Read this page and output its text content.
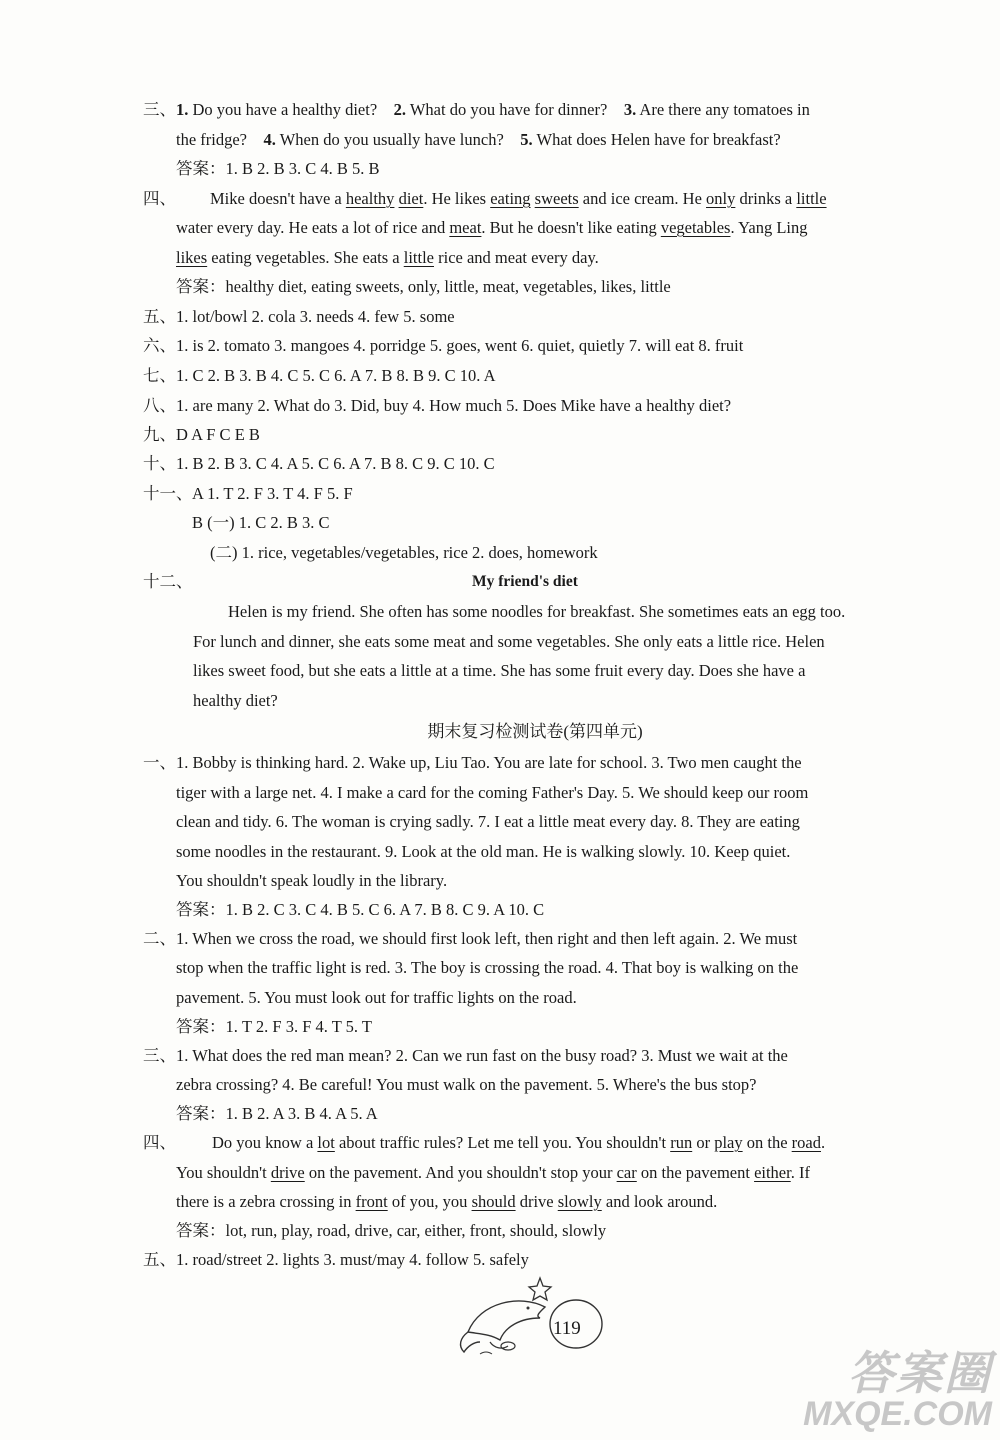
三、 1. Do you have a healthy diet? 2. What do you have for dinner? 3. Are there any tomatoes in
the fridge? 4. When do you usually have lunch? 5. What does Helen have for breakfast?
答案：1. B 2. B 3. C 4. B 5. B
四、 Mike doesn't have a healthy diet. He likes eating sweets and ice cream. He only drinks a little
water every day. He eats a lot of rice and meat. But he doesn't like eating vegetables. Yang Ling
likes eating vegetables. She eats a little rice and meat every day.
答案：healthy diet, eating sweets, only, little, meat, vegetables, likes, little
五、 1. lot/bowl 2. cola 3. needs 4. few 5. some
六、 1. is 2. tomato 3. mangoes 4. porridge 5. goes, went 6. quiet, quietly 7. will eat 8. fruit
七、 1. C 2. B 3. B 4. C 5. C 6. A 7. B 8. B 9. C 10. A
八、 1. are many 2. What do 3. Did, buy 4. How much 5. Does Mike have a healthy diet?
九、 D A F C E B
十、 1. B 2. B 3. C 4. A 5. C 6. A 7. B 8. C 9. C 10. C
十一、 A 1. T 2. F 3. T 4. F 5. F
B (一) 1. C 2. B 3. C
(二) 1. rice, vegetables/vegetables, rice 2. does, homework
十二、	My friend's diet
Helen is my friend. She often has some noodles for breakfast. She sometimes eats an egg too.
For lunch and dinner, she eats some meat and some vegetables. She only eats a little rice. Helen
likes sweet food, but she eats a little at a time. She has some fruit every day. Does she have a
healthy diet?
期末复习检测试卷(第四单元)
一、 1. Bobby is thinking hard. 2. Wake up, Liu Tao. You are late for school. 3. Two men caught the
tiger with a large net. 4. I make a card for the coming Father's Day. 5. We should keep our room
clean and tidy. 6. The woman is crying sadly. 7. I eat a little meat every day. 8. They are eating
some noodles in the restaurant. 9. Look at the old man. He is walking slowly. 10. Keep quiet.
You shouldn't speak loudly in the library.
答案：1. B 2. C 3. C 4. B 5. C 6. A 7. B 8. C 9. A 10. C
二、 1. When we cross the road, we should first look left, then right and then left again. 2. We must
stop when the traffic light is red. 3. The boy is crossing the road. 4. That boy is walking on the
pavement. 5. You must look out for traffic lights on the road.
答案：1. T 2. F 3. F 4. T 5. T
三、 1. What does the red man mean? 2. Can we run fast on the busy road? 3. Must we wait at the
zebra crossing? 4. Be careful! You must walk on the pavement. 5. Where's the bus stop?
答案：1. B 2. A 3. B 4. A 5. A
四、 Do you know a lot about traffic rules? Let me tell you. You shouldn't run or play on the road.
You shouldn't drive on the pavement. And you shouldn't stop your car on the pavement either. If
there is a zebra crossing in front of you, you should drive slowly and look around.
答案：lot, run, play, road, drive, car, either, front, should, slowly
五、 1. road/street 2. lights 3. must/may 4. follow 5. safely
119
答案圈
MXQE.COM
